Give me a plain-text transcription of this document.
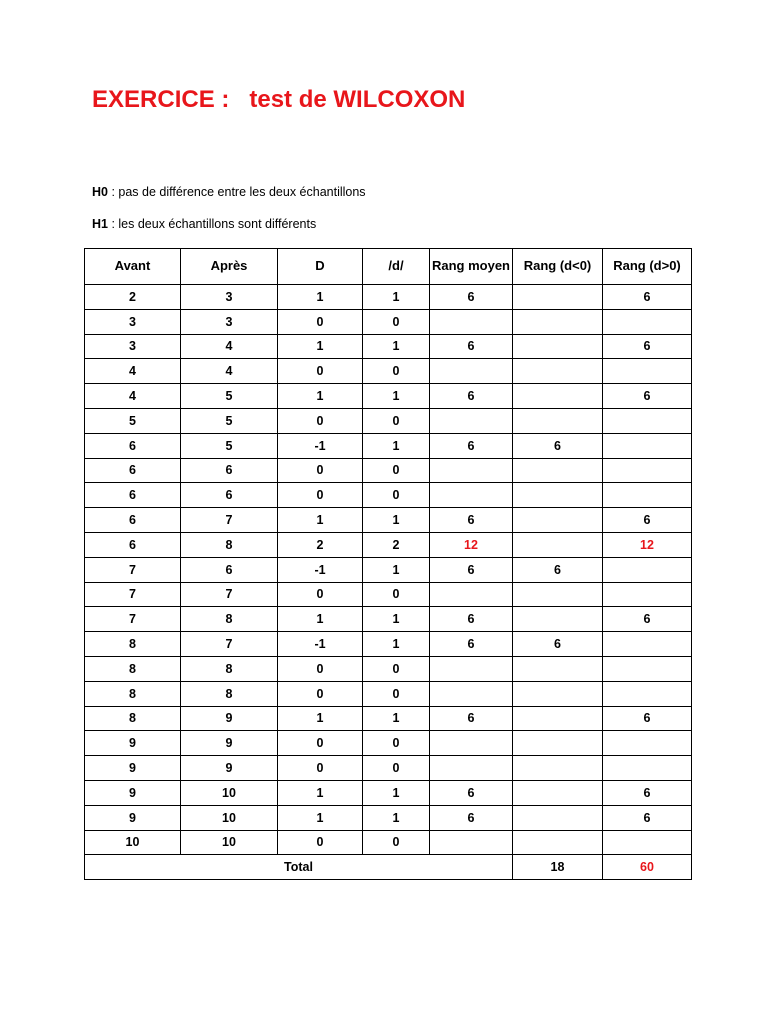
EXERCICE :   test de WILCOXON

H0 : pas de différence entre les deux échantillons

H1 : les deux échantillons sont différents

Avant	Après	D	/d/	Rang moyen	Rang (d<0)	Rang (d>0)
2	3	1	1	6		6
3	3	0	0			
3	4	1	1	6		6
4	4	0	0			
4	5	1	1	6		6
5	5	0	0			
6	5	-1	1	6	6	
6	6	0	0			
6	6	0	0			
6	7	1	1	6		6
6	8	2	2	12		12
7	6	-1	1	6	6	
7	7	0	0			
7	8	1	1	6		6
8	7	-1	1	6	6	
8	8	0	0			
8	8	0	0			
8	9	1	1	6		6
9	9	0	0			
9	9	0	0			
9	10	1	1	6		6
9	10	1	1	6		6
10	10	0	0			
Total					18	60
